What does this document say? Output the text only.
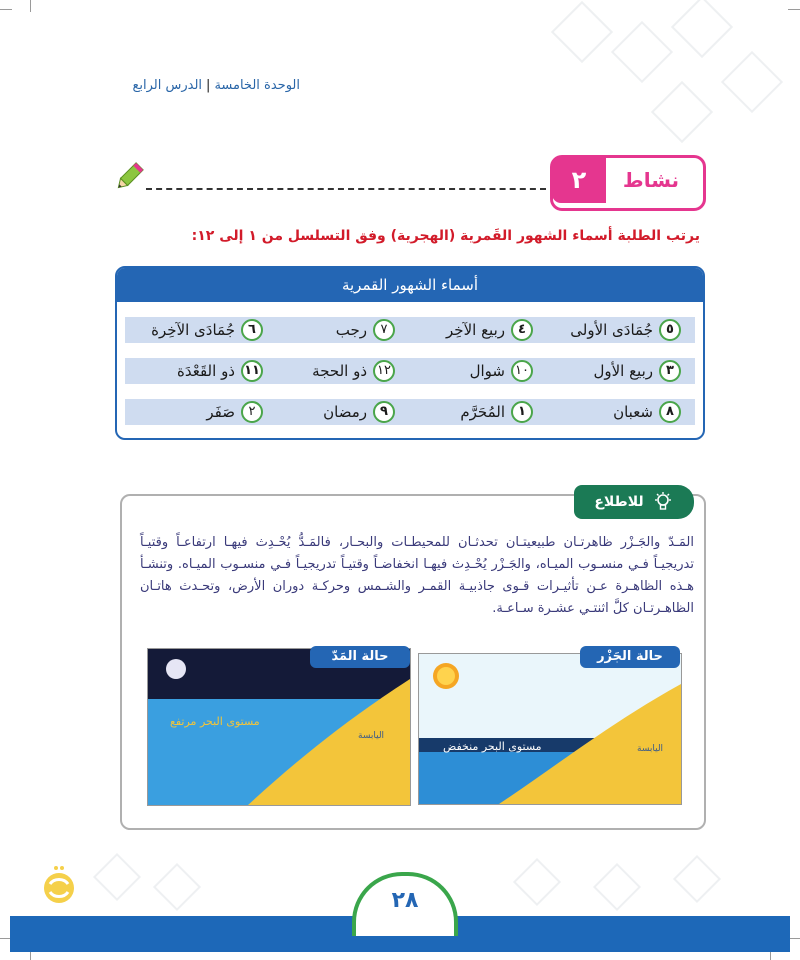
الوحدة الخامسة|الدرس الرابع
٢	نشاط
يرتب الطلبة أسماء الشهور القَمرية (الهجرية) وفق التسلسل من ١ إلى ١٢:
أسماء الشهور القمرية
٥
جُمَادَى الأولى
٤
ربيع الآخِر
٧
رجب
٦
جُمَادَى الآخِرة
٣
ربيع الأول
١٠
شوال
١٢
ذو الحجة
١١
ذو القَعْدَة
٨
شعبان
١
المُحَرَّم
٩
رمضان
٢
صَفَر
للاطلاع
المَـدّ والجَـزْر ظاهرتـان طبيعيتـان تحدثـان للمحيطـات والبحـار، فالمَـدُّ يُحْـدِث فيهـا ارتفاعـاً وقتيـاً تدريجيـاً فـي منسـوب الميـاه، والجَـزْر يُحْـدِث فيهـا انخفاضـاً وقتيـاً تدريجيـاً فـي منسـوب الميـاه. وتنشـأ هـذه الظاهـرة عـن تأثيـرات قـوى جاذبيـة القمـر والشـمس وحركـة دوران الأرض، وتحـدث هاتـان الظاهـرتـان كلَّ اثنتـي عشـرة سـاعـة.
مستوى البحر مرتفع
اليابسة
حالة المَدّ
مستوى البحر منخفض	اليابسة
حالة الجَزْر
٢٨
